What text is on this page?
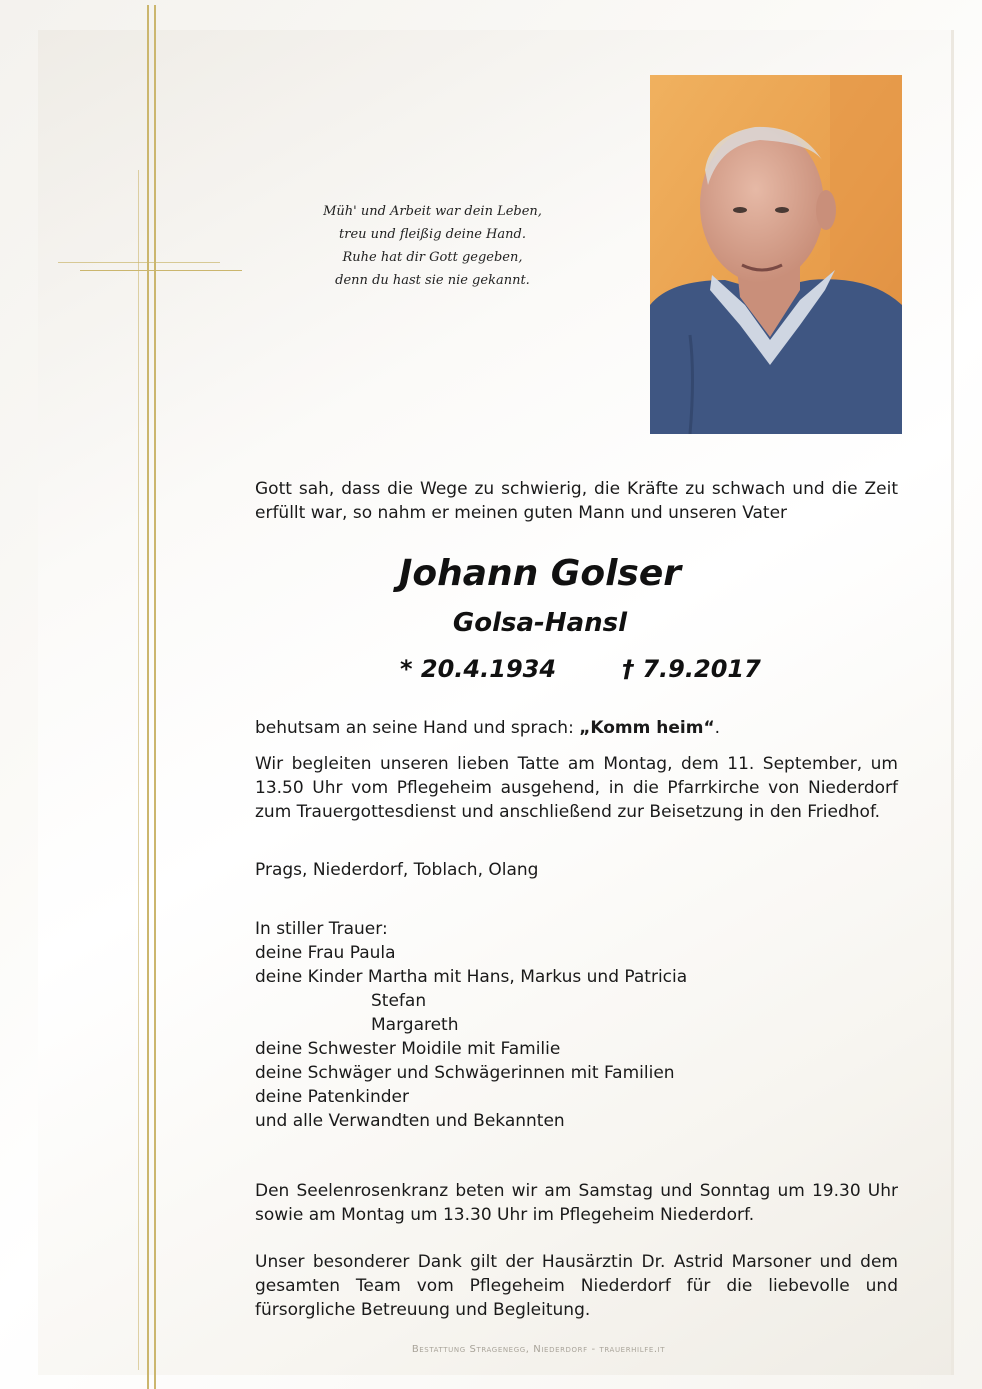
Müh' und Arbeit war dein Leben,
treu und fleißig deine Hand.
Ruhe hat dir Gott gegeben,
denn du hast sie nie gekannt.
Gott sah, dass die Wege zu schwierig, die Kräfte zu schwach und die Zeit
erfüllt war, so nahm er meinen guten Mann und unseren Vater
Johann Golser
Golsa-Hansl
* 20.4.1934	† 7.9.2017
behutsam an seine Hand und sprach: „Komm heim“.
Wir begleiten unseren lieben Tatte am Montag, dem 11. September, um
13.50 Uhr vom Pflegeheim ausgehend, in die Pfarrkirche von Niederdorf
zum Trauergottesdienst und anschließend zur Beisetzung in den Friedhof.
Prags, Niederdorf, Toblach, Olang
In stiller Trauer:
deine Frau Paula
deine Kinder Martha mit Hans, Markus und Patricia
Stefan
Margareth
deine Schwester Moidile mit Familie
deine Schwäger und Schwägerinnen mit Familien
deine Patenkinder
und alle Verwandten und Bekannten
Den Seelenrosenkranz beten wir am Samstag und Sonntag um 19.30 Uhr
sowie am Montag um 13.30 Uhr im Pflegeheim Niederdorf.
Unser besonderer Dank gilt der Hausärztin Dr. Astrid Marsoner und dem
gesamten Team vom Pflegeheim Niederdorf für die liebevolle und
fürsorgliche Betreuung und Begleitung.
Bestattung Stragenegg, Niederdorf - trauerhilfe.it
